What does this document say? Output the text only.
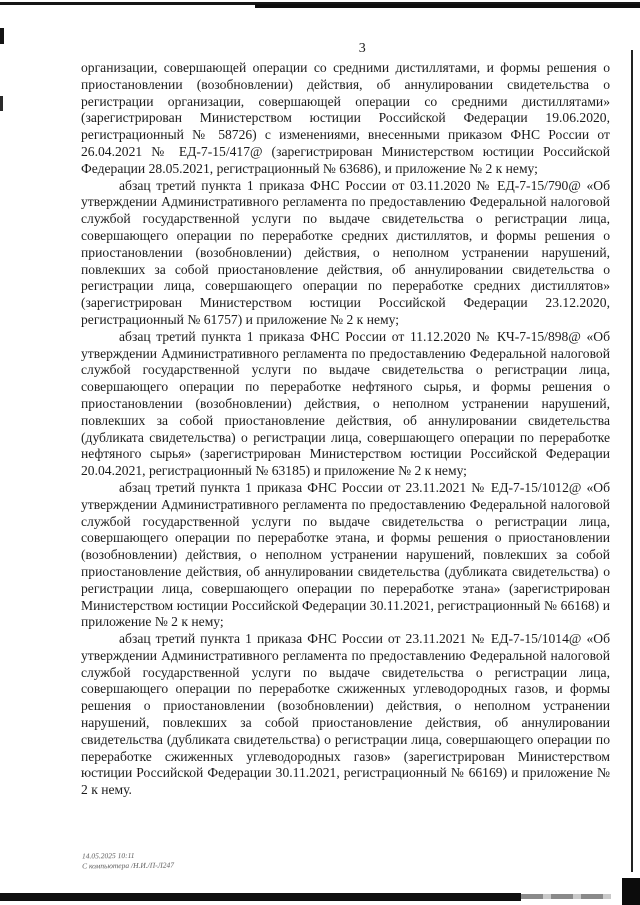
3

организации, совершающей операции со средними дистиллятами, и формы решения о приостановлении (возобновлении) действия, об аннулировании свидетельства о регистрации организации, совершающей операции со средними дистиллятами» (зарегистрирован Министерством юстиции Российской Федерации 19.06.2020, регистрационный № 58726) с изменениями, внесенными приказом ФНС России от 26.04.2021 № ЕД-7-15/417@ (зарегистрирован Министерством юстиции Российской Федерации 28.05.2021, регистрационный № 63686), и приложение № 2 к нему;

абзац третий пункта 1 приказа ФНС России от 03.11.2020 № ЕД-7-15/790@ «Об утверждении Административного регламента по предоставлению Федеральной налоговой службой государственной услуги по выдаче свидетельства о регистрации лица, совершающего операции по переработке средних дистиллятов, и формы решения о приостановлении (возобновлении) действия, о неполном устранении нарушений, повлекших за собой приостановление действия, об аннулировании свидетельства о регистрации лица, совершающего операции по переработке средних дистиллятов» (зарегистрирован Министерством юстиции Российской Федерации 23.12.2020, регистрационный № 61757) и приложение № 2 к нему;

абзац третий пункта 1 приказа ФНС России от 11.12.2020 № КЧ-7-15/898@ «Об утверждении Административного регламента по предоставлению Федеральной налоговой службой государственной услуги по выдаче свидетельства о регистрации лица, совершающего операции по переработке нефтяного сырья, и формы решения о приостановлении (возобновлении) действия, о неполном устранении нарушений, повлекших за собой приостановление действия, об аннулировании свидетельства (дубликата свидетельства) о регистрации лица, совершающего операции по переработке нефтяного сырья» (зарегистрирован Министерством юстиции Российской Федерации 20.04.2021, регистрационный № 63185) и приложение № 2 к нему;

абзац третий пункта 1 приказа ФНС России от 23.11.2021 № ЕД-7-15/1012@ «Об утверждении Административного регламента по предоставлению Федеральной налоговой службой государственной услуги по выдаче свидетельства о регистрации лица, совершающего операции по переработке этана, и формы решения о приостановлении (возобновлении) действия, о неполном устранении нарушений, повлекших за собой приостановление действия, об аннулировании свидетельства (дубликата свидетельства) о регистрации лица, совершающего операции по переработке этана» (зарегистрирован Министерством юстиции Российской Федерации 30.11.2021, регистрационный № 66168) и приложение № 2 к нему;

абзац третий пункта 1 приказа ФНС России от 23.11.2021 № ЕД-7-15/1014@ «Об утверждении Административного регламента по предоставлению Федеральной налоговой службой государственной услуги по выдаче свидетельства о регистрации лица, совершающего операции по переработке сжиженных углеводородных газов, и формы решения о приостановлении (возобновлении) действия, о неполном устранении нарушений, повлекших за собой приостановление действия, об аннулировании свидетельства (дубликата свидетельства) о регистрации лица, совершающего операции по переработке сжиженных углеводородных газов» (зарегистрирован Министерством юстиции Российской Федерации 30.11.2021, регистрационный № 66169) и приложение № 2 к нему.

14.05.2025 10:11
С компьютера /Н.И./П-Л247
